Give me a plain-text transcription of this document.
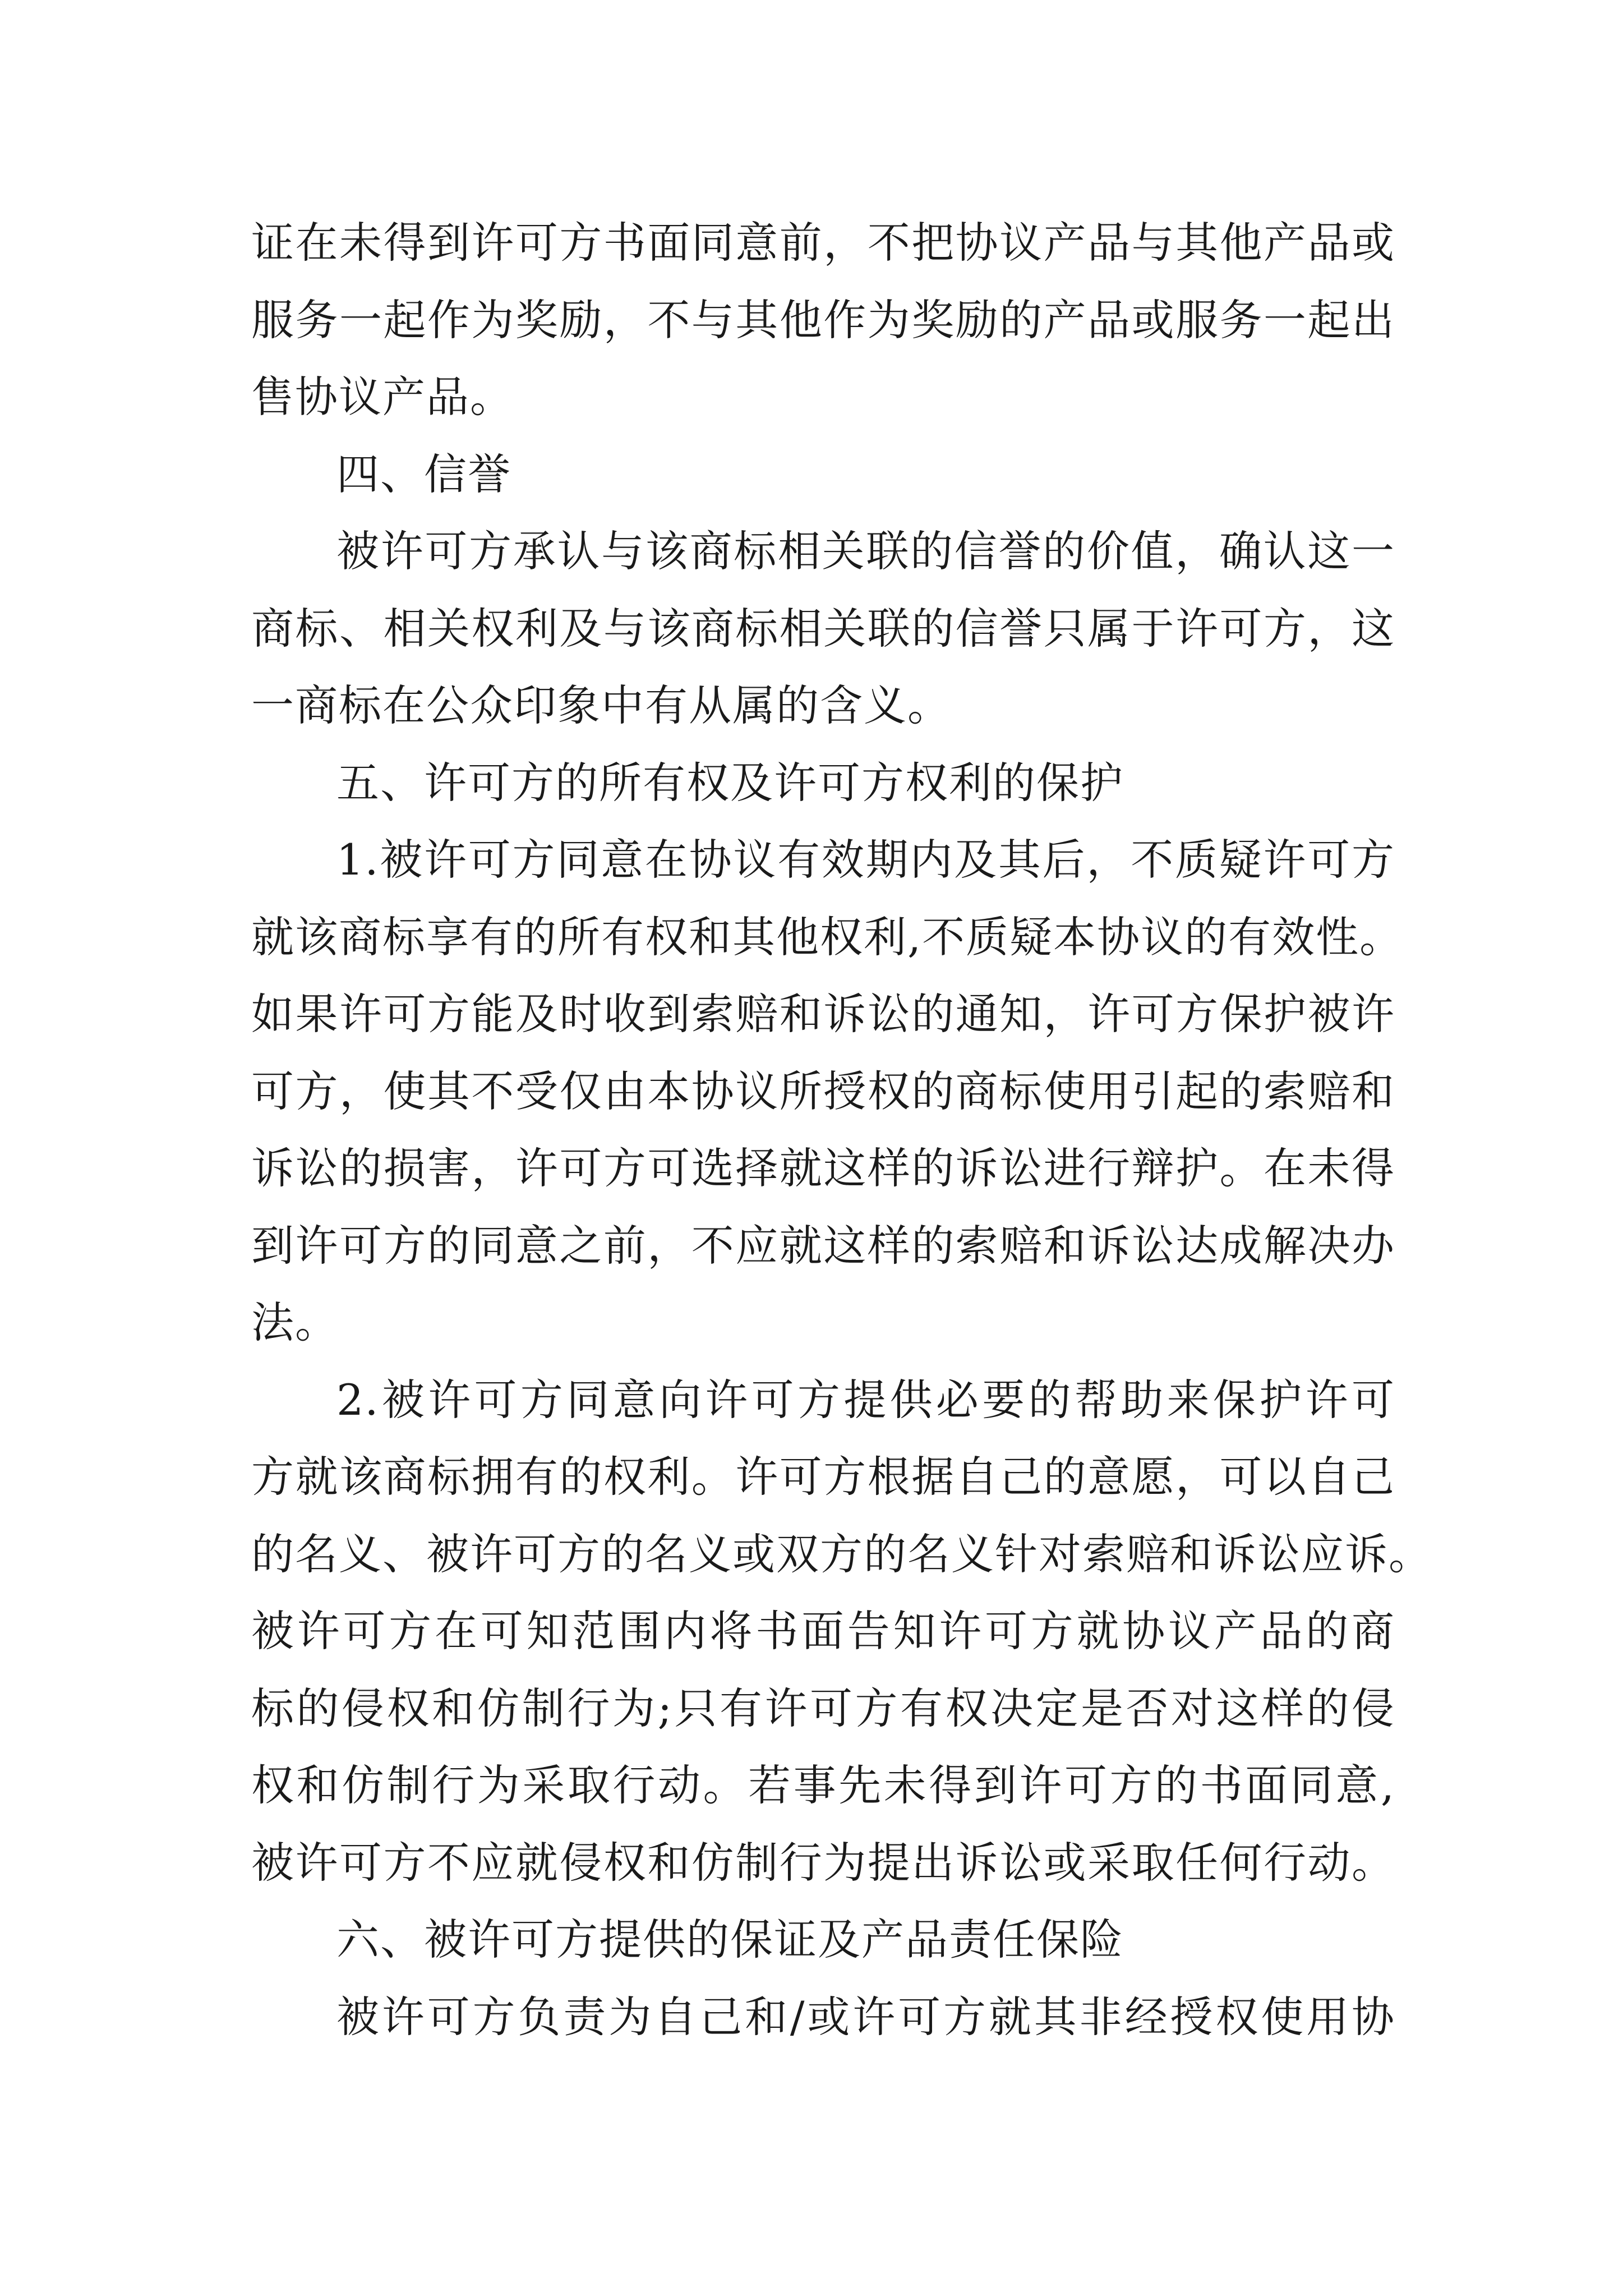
证在未得到许可方书面同意前，不把协议产品与其他产品或
服务一起作为奖励，不与其他作为奖励的产品或服务一起出
售协议产品。
四、信誉
被许可方承认与该商标相关联的信誉的价值，确认这一
商标、相关权利及与该商标相关联的信誉只属于许可方，这
一商标在公众印象中有从属的含义。
五、许可方的所有权及许可方权利的保护
1.被许可方同意在协议有效期内及其后，不质疑许可方
就该商标享有的所有权和其他权利,不质疑本协议的有效性。
如果许可方能及时收到索赔和诉讼的通知，许可方保护被许
可方，使其不受仅由本协议所授权的商标使用引起的索赔和
诉讼的损害，许可方可选择就这样的诉讼进行辩护。在未得
到许可方的同意之前，不应就这样的索赔和诉讼达成解决办
法。
2.被许可方同意向许可方提供必要的帮助来保护许可
方就该商标拥有的权利。许可方根据自己的意愿，可以自己
的名义、被许可方的名义或双方的名义针对索赔和诉讼应诉。
被许可方在可知范围内将书面告知许可方就协议产品的商
标的侵权和仿制行为;只有许可方有权决定是否对这样的侵
权和仿制行为采取行动。若事先未得到许可方的书面同意,
被许可方不应就侵权和仿制行为提出诉讼或采取任何行动。
六、被许可方提供的保证及产品责任保险
被许可方负责为自己和/或许可方就其非经授权使用协
